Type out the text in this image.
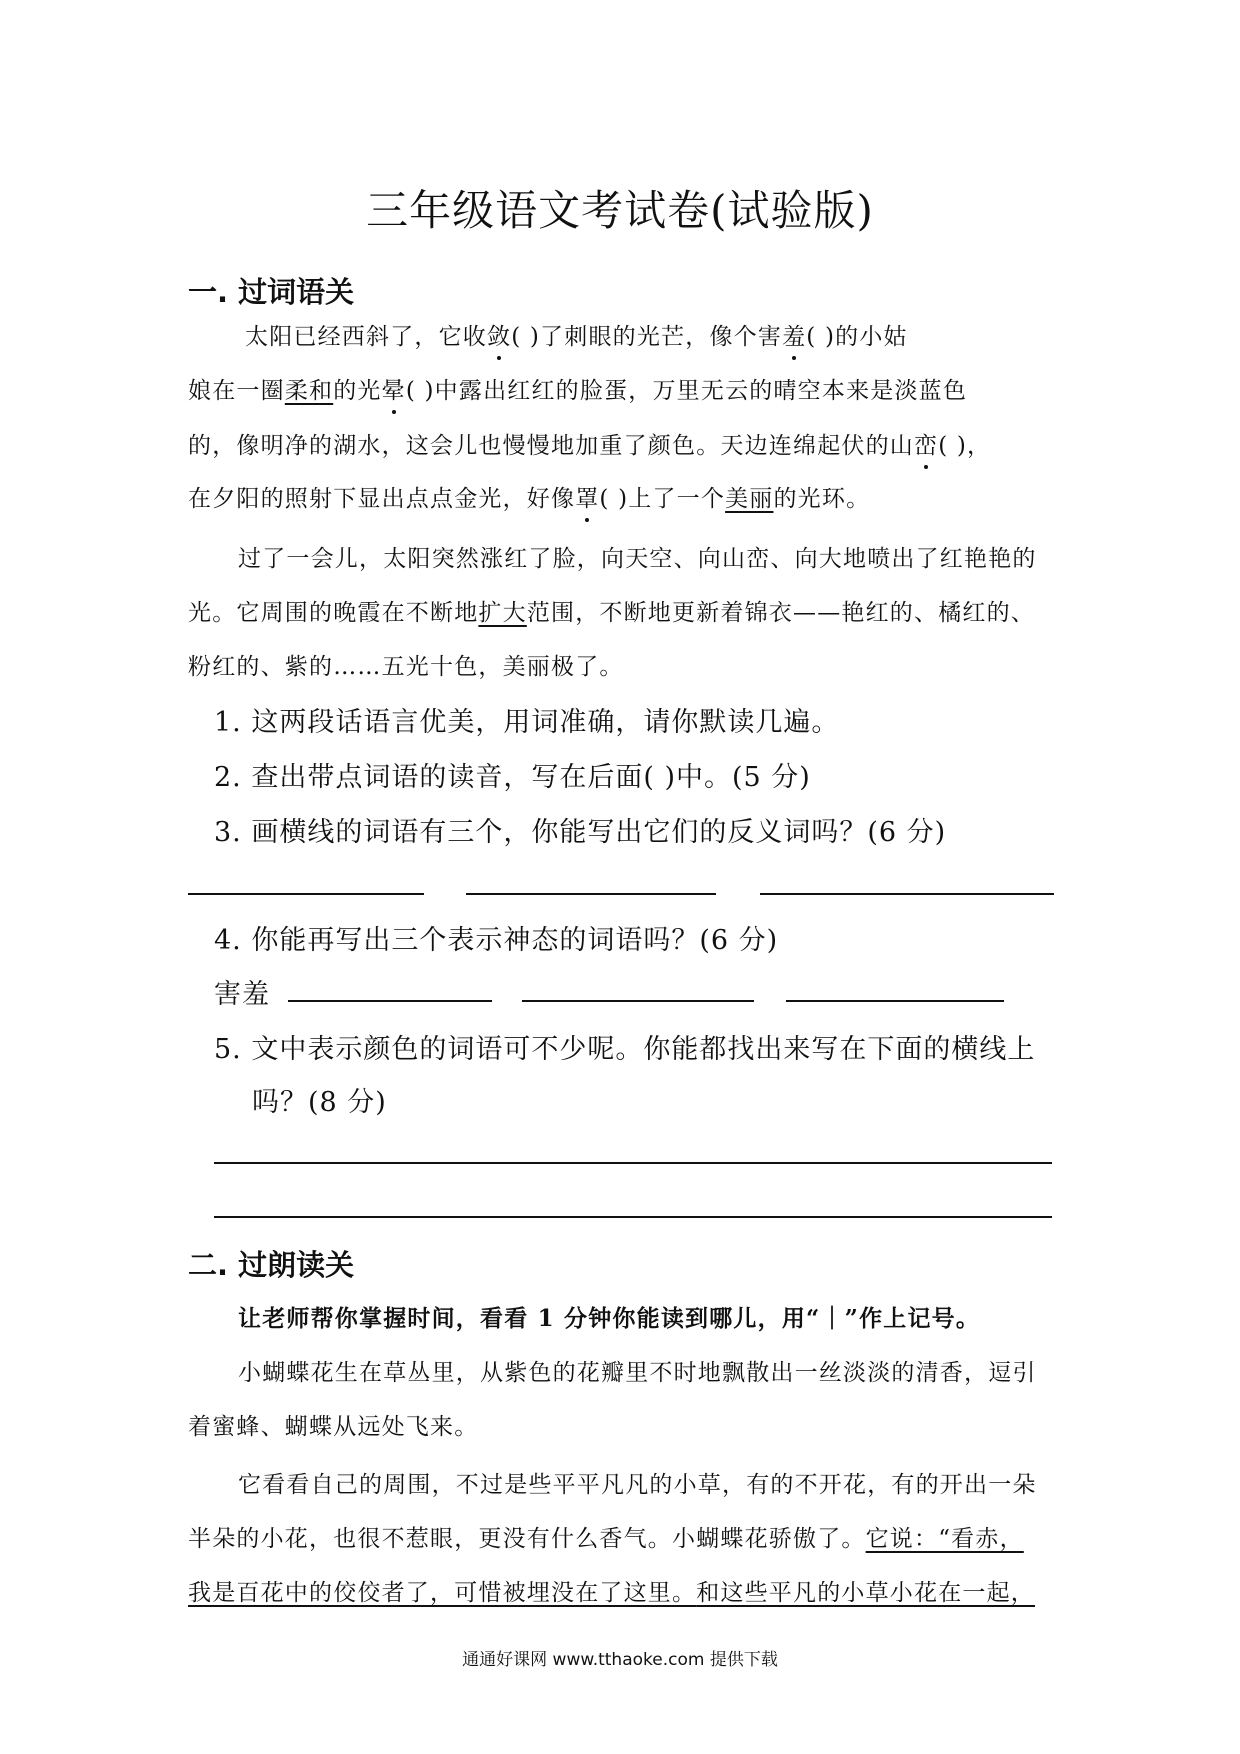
三年级语文考试卷(试验版)
一. 过词语关
太阳已经西斜了，它收敛( )了刺眼的光芒，像个害羞( )的小姑
娘在一圈柔和的光晕( )中露出红红的脸蛋，万里无云的晴空本来是淡蓝色
的，像明净的湖水，这会儿也慢慢地加重了颜色。天边连绵起伏的山峦( )，
在夕阳的照射下显出点点金光，好像罩( )上了一个美丽的光环。
过了一会儿，太阳突然涨红了脸，向天空、向山峦、向大地喷出了红艳艳的
光。它周围的晚霞在不断地扩大范围，不断地更新着锦衣——艳红的、橘红的、
粉红的、紫的……五光十色，美丽极了。
1. 这两段话语言优美，用词准确，请你默读几遍。
2. 查出带点词语的读音，写在后面( )中。(5 分)
3. 画横线的词语有三个，你能写出它们的反义词吗？(6 分)
4. 你能再写出三个表示神态的词语吗？(6 分)
害羞
5. 文中表示颜色的词语可不少呢。你能都找出来写在下面的横线上
吗？(8 分)
二. 过朗读关
让老师帮你掌握时间，看看 1 分钟你能读到哪儿，用“｜”作上记号。
小蝴蝶花生在草丛里，从紫色的花瓣里不时地飘散出一丝淡淡的清香，逗引
着蜜蜂、蝴蝶从远处飞来。
它看看自己的周围，不过是些平平凡凡的小草，有的不开花，有的开出一朵
半朵的小花，也很不惹眼，更没有什么香气。小蝴蝶花骄傲了。它说：“看赤，
我是百花中的佼佼者了，可惜被埋没在了这里。和这些平凡的小草小花在一起，
通通好课网 www.tthaoke.com 提供下载
